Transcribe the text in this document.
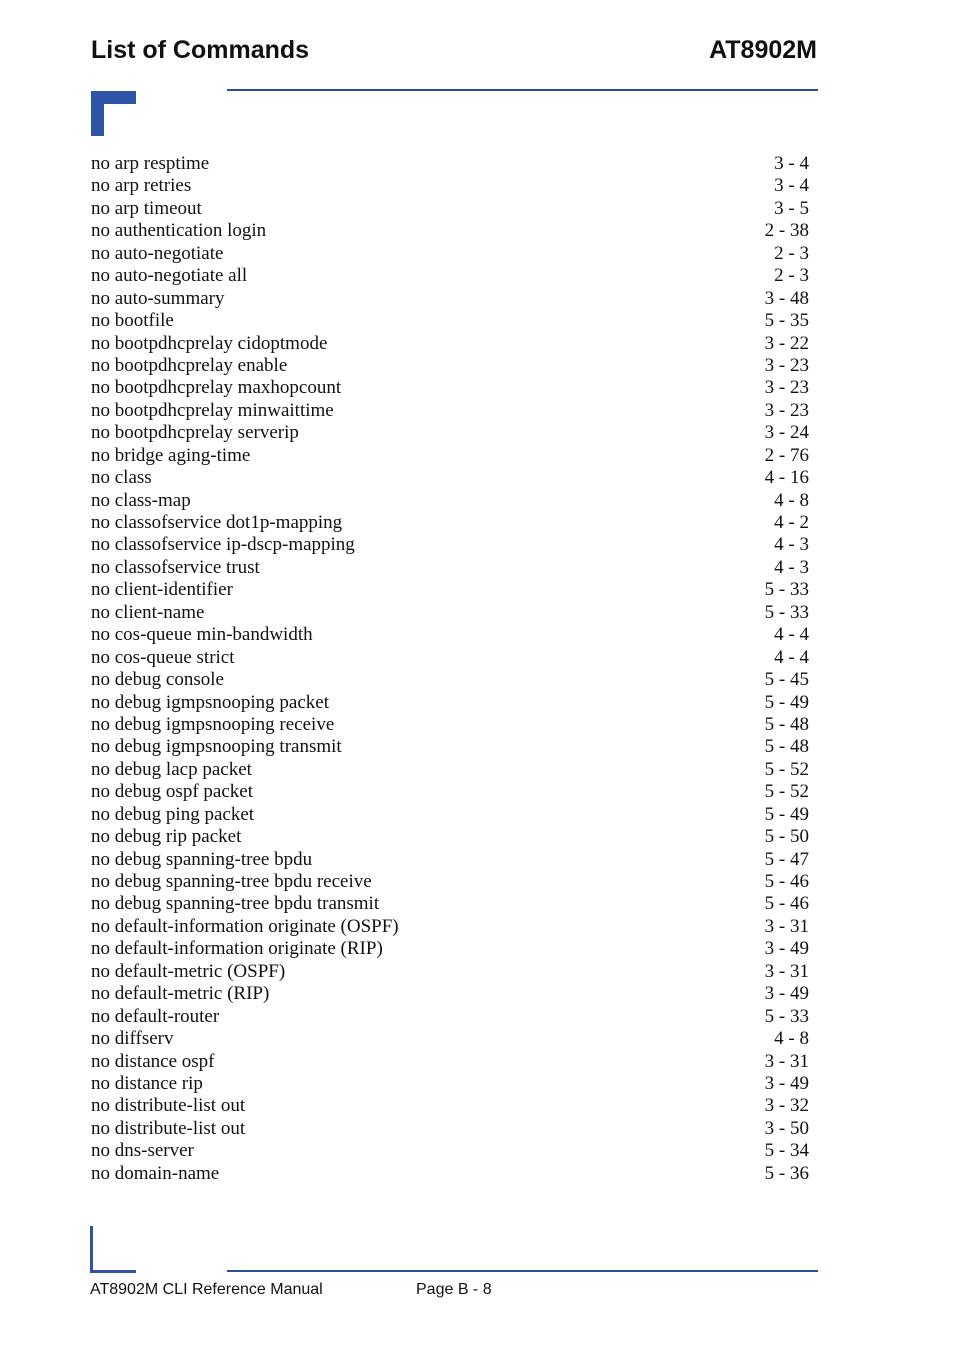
List of Commands	AT8902M
no arp resptime	3 - 4
no arp retries	3 - 4
no arp timeout	3 - 5
no authentication login	2 - 38
no auto-negotiate	2 - 3
no auto-negotiate all	2 - 3
no auto-summary	3 - 48
no bootfile	5 - 35
no bootpdhcprelay cidoptmode	3 - 22
no bootpdhcprelay enable	3 - 23
no bootpdhcprelay maxhopcount	3 - 23
no bootpdhcprelay minwaittime	3 - 23
no bootpdhcprelay serverip	3 - 24
no bridge aging-time	2 - 76
no class	4 - 16
no class-map	4 - 8
no classofservice dot1p-mapping	4 - 2
no classofservice ip-dscp-mapping	4 - 3
no classofservice trust	4 - 3
no client-identifier	5 - 33
no client-name	5 - 33
no cos-queue min-bandwidth	4 - 4
no cos-queue strict	4 - 4
no debug console	5 - 45
no debug igmpsnooping packet	5 - 49
no debug igmpsnooping receive	5 - 48
no debug igmpsnooping transmit	5 - 48
no debug lacp packet	5 - 52
no debug ospf packet	5 - 52
no debug ping packet	5 - 49
no debug rip packet	5 - 50
no debug spanning-tree bpdu	5 - 47
no debug spanning-tree bpdu receive	5 - 46
no debug spanning-tree bpdu transmit	5 - 46
no default-information originate (OSPF)	3 - 31
no default-information originate (RIP)	3 - 49
no default-metric (OSPF)	3 - 31
no default-metric (RIP)	3 - 49
no default-router	5 - 33
no diffserv	4 - 8
no distance ospf	3 - 31
no distance rip	3 - 49
no distribute-list out	3 - 32
no distribute-list out	3 - 50
no dns-server	5 - 34
no domain-name	5 - 36
AT8902M CLI Reference Manual	Page B - 8
